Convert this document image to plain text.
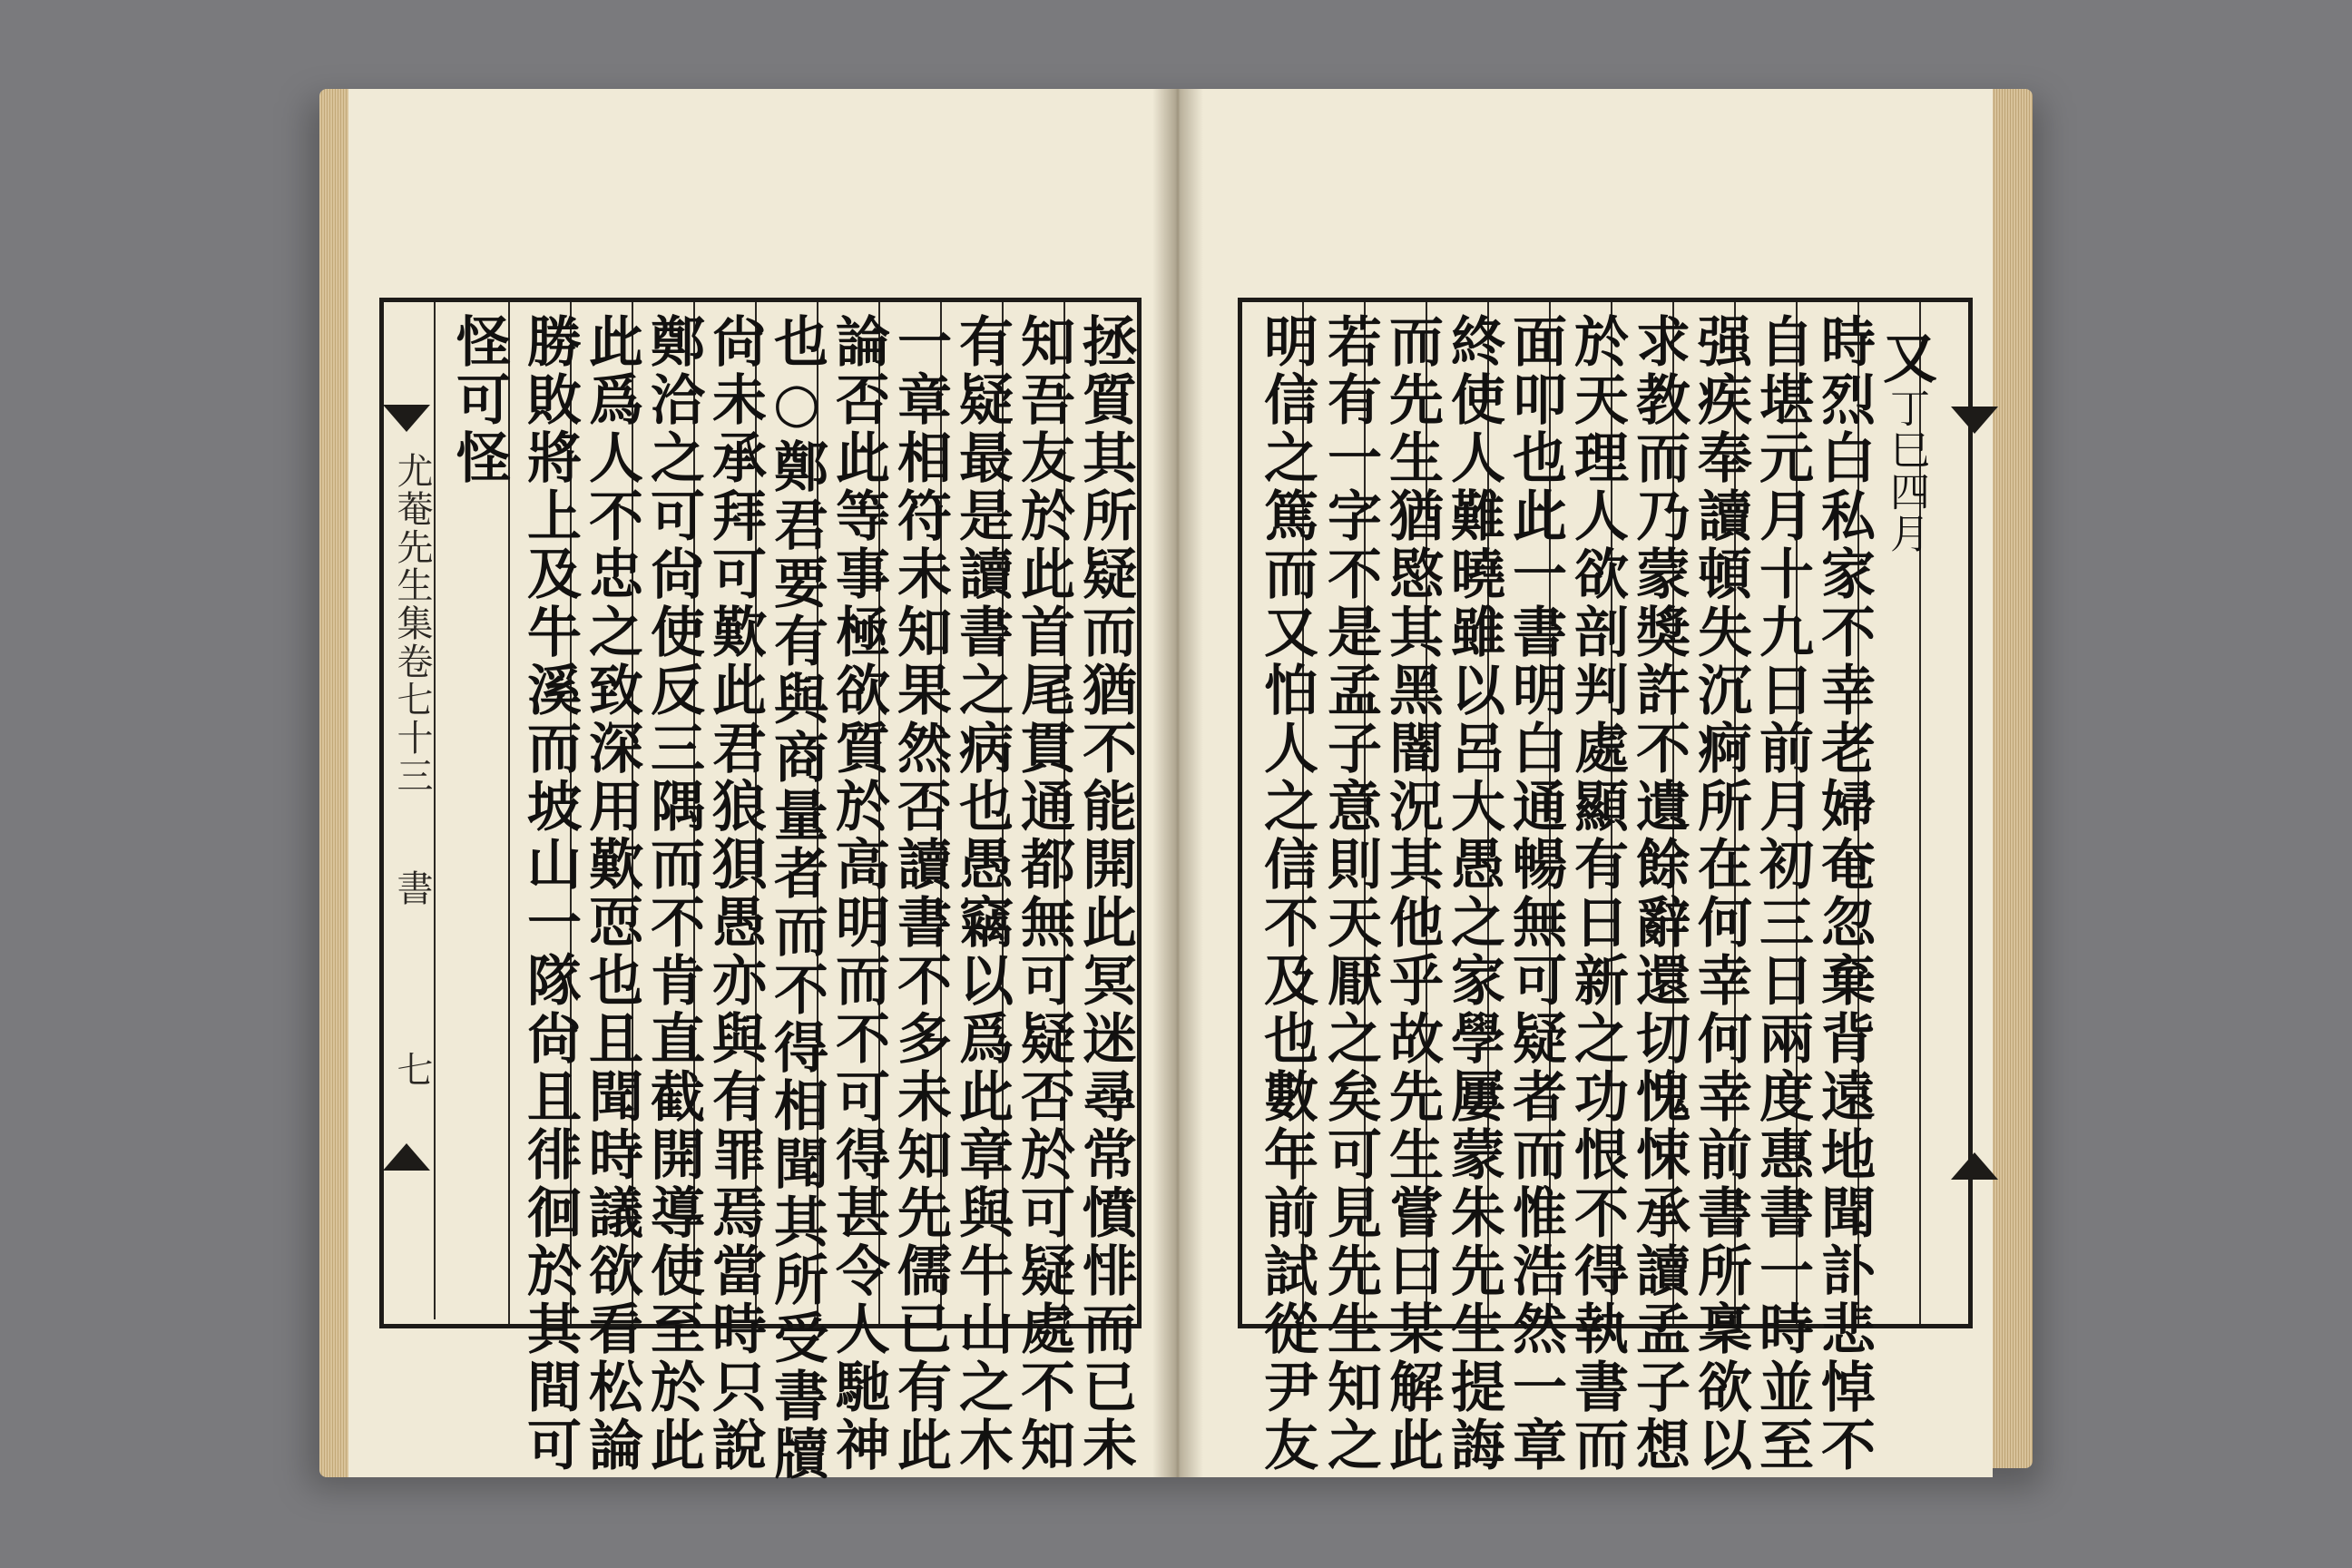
尤菴先生集卷七十三
書
七	拯質其所疑而猶不能開此冥迷尋常憤悱而已未
知吾友於此首尾貫通都無可疑否於可疑處不知
有疑最是讀書之病也愚竊以爲此章與牛山之木
一章相符未知果然否讀書不多未知先儒已有此
論否此等事極欲質於高明而不可得甚令人馳神
也○鄭君要有與商量者而不得相聞其所受書牘
尙未承拜可歎此君狼狽愚亦與有罪焉當時只說
鄭洽之可尙使反三隅而不肯直截開導使至於此
此爲人不忠之致深用歎恧也且聞時議欲看松論
勝敗將上及牛溪而坡山一隊尙且徘徊於其間可
怪可怪	又丁巳四月
時烈白私家不幸老婦奄忽棄背遠地聞訃悲悼不
自堪元月十九日前月初三日兩度惠書一時並至
强疾奉讀頓失沉痾所在何幸何幸前書所稟欲以
求教而乃蒙獎許不遺餘辭還切愧悚承讀孟子想
於天理人欲剖判處顯有日新之功恨不得執書而
面叩也此一書明白通暢無可疑者而惟浩然一章
終使人難曉雖以呂大愚之家學屢蒙朱先生提誨
而先生猶愍其黑闇況其他乎故先生嘗曰某解此
若有一字不是孟子意則天厭之矣可見先生知之
明信之篤而又怕人之信不及也數年前試從尹友
